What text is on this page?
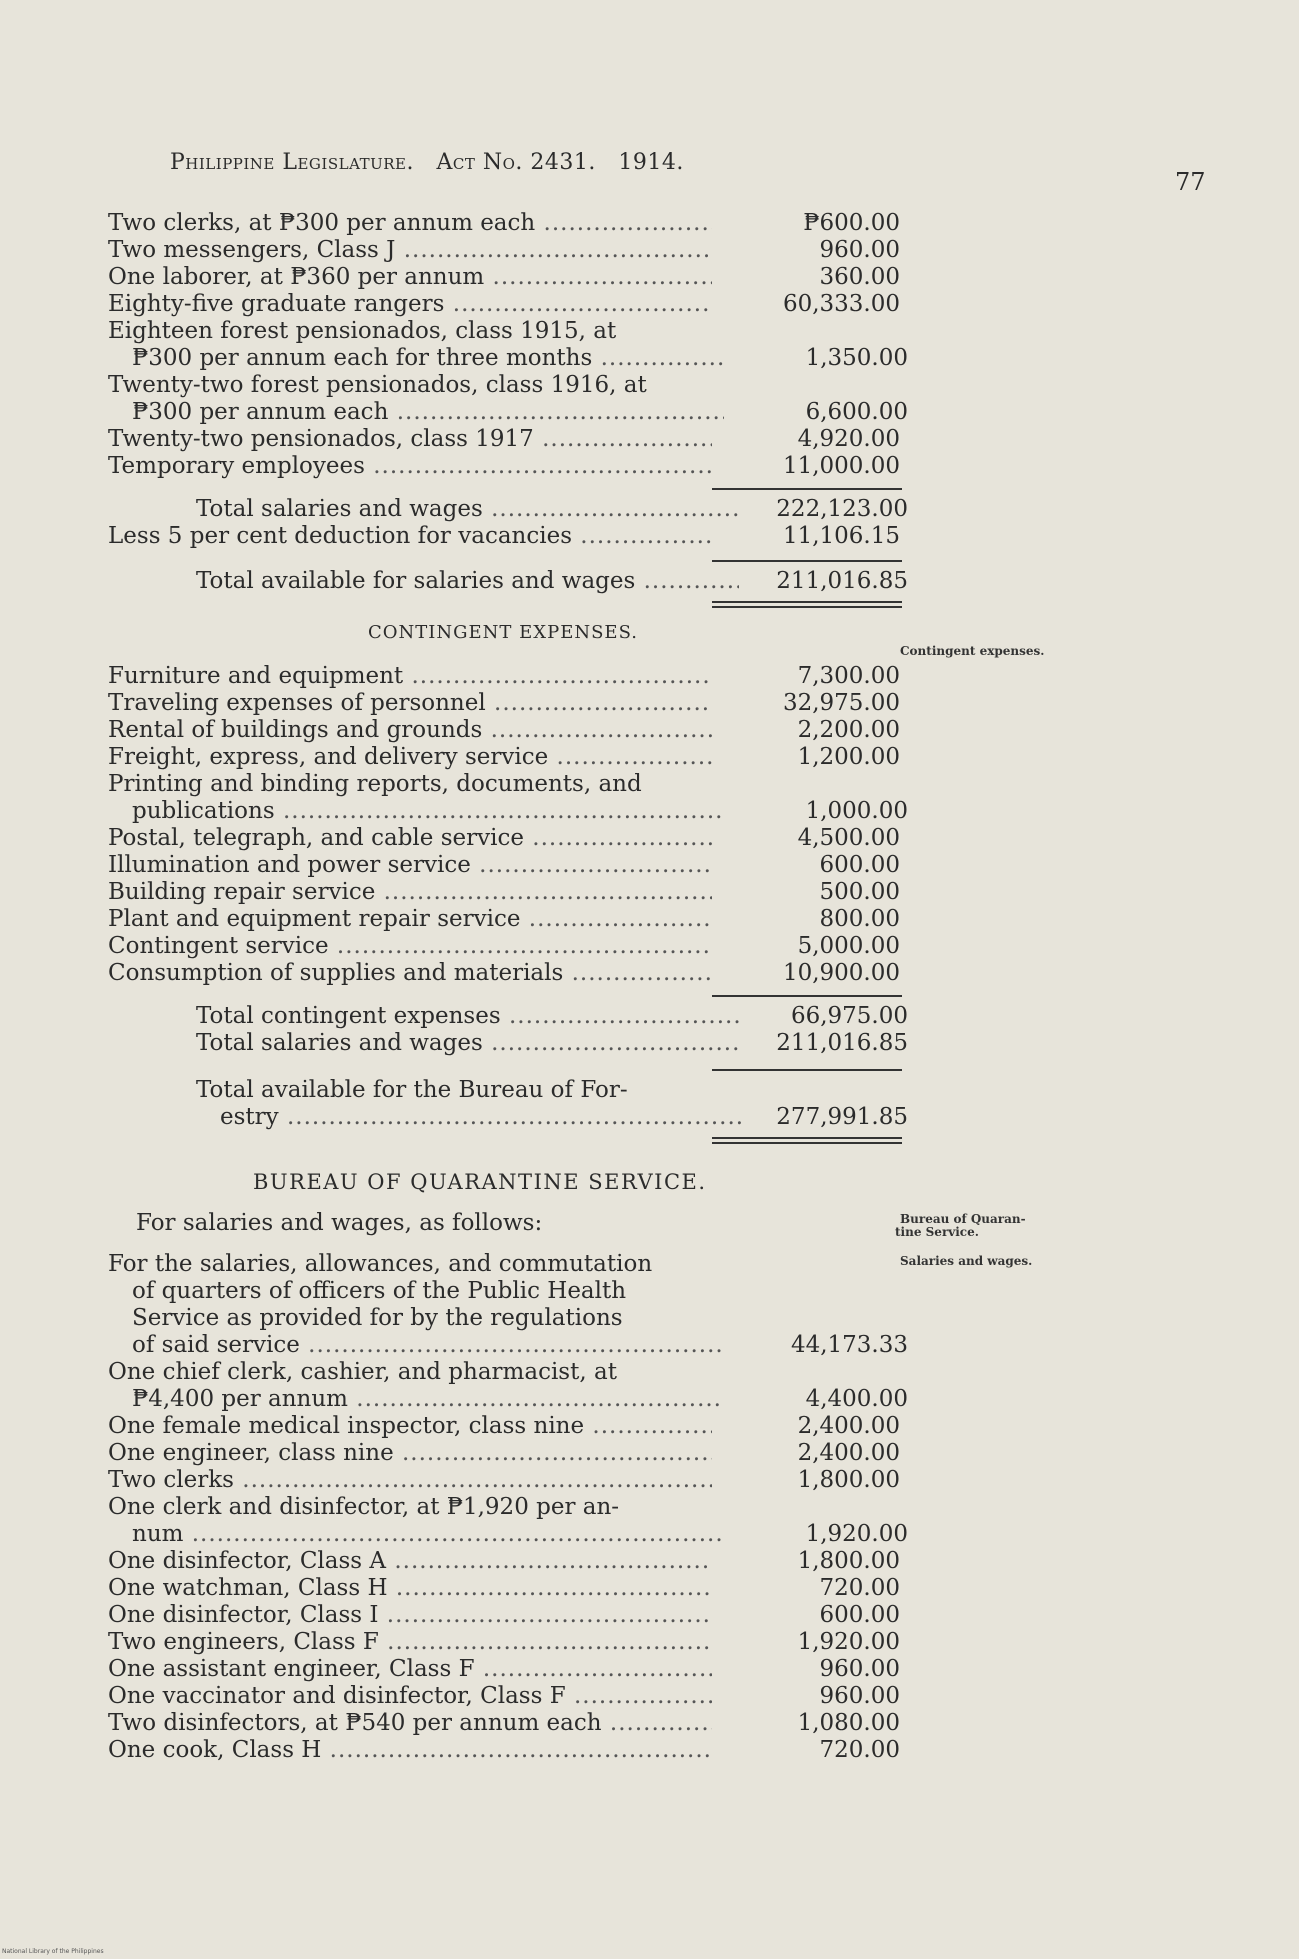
Philippine Legislature. Act No. 2431. 1914.
77
Two clerks, at ₱300 per annum each .....	₱600.00
Two messengers, Class J .....	960.00
One laborer, at ₱360 per annum .....	360.00
Eighty-five graduate rangers .....	60,333.00
Eighteen forest pensionados, class 1915, at
₱300 per annum each for three months .....	1,350.00
Twenty-two forest pensionados, class 1916, at
₱300 per annum each .....	6,600.00
Twenty-two pensionados, class 1917 .....	4,920.00
Temporary employees .....	11,000.00
Total salaries and wages .....	222,123.00
Less 5 per cent deduction for vacancies .....	11,106.15
Total available for salaries and wages .....	211,016.85
CONTINGENT EXPENSES.
Furniture and equipment .....	7,300.00
Traveling expenses of personnel .....	32,975.00
Rental of buildings and grounds .....	2,200.00
Freight, express, and delivery service .....	1,200.00
Printing and binding reports, documents, and
publications .....	1,000.00
Postal, telegraph, and cable service .....	4,500.00
Illumination and power service .....	600.00
Building repair service .....	500.00
Plant and equipment repair service .....	800.00
Contingent service .....	5,000.00
Consumption of supplies and materials .....	10,900.00
Total contingent expenses .....	66,975.00
Total salaries and wages .....	211,016.85
Total available for the Bureau of For-
estry .....	277,991.85
BUREAU OF QUARANTINE SERVICE.
For salaries and wages, as follows:
For the salaries, allowances, and commutation
of quarters of officers of the Public Health
Service as provided for by the regulations
of said service .....	44,173.33
One chief clerk, cashier, and pharmacist, at
₱4,400 per annum .....	4,400.00
One female medical inspector, class nine .....	2,400.00
One engineer, class nine .....	2,400.00
Two clerks .....	1,800.00
One clerk and disinfector, at ₱1,920 per an-
num .....	1,920.00
One disinfector, Class A .....	1,800.00
One watchman, Class H .....	720.00
One disinfector, Class I .....	600.00
Two engineers, Class F .....	1,920.00
One assistant engineer, Class F .....	960.00
One vaccinator and disinfector, Class F .....	960.00
Two disinfectors, at ₱540 per annum each .....	1,080.00
One cook, Class H .....	720.00
Contingent expenses.
Bureau of Quaran-
tine Service.
Salaries and wages.
National Library of the Philippines
